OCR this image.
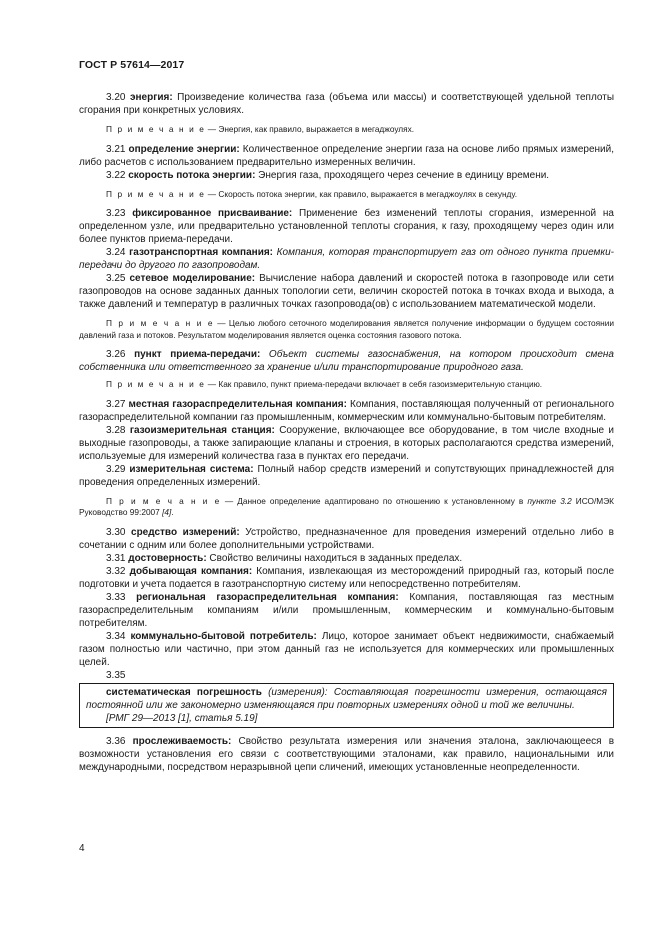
ГОСТ Р 57614—2017

3.20 энергия: Произведение количества газа (объема или массы) и соответствующей удельной теплоты сгорания при конкретных условиях.

П р и м е ч а н и е — Энергия, как правило, выражается в мегаджоулях.

3.21 определение энергии: Количественное определение энергии газа на основе либо прямых измерений, либо расчетов с использованием предварительно измеренных величин.

3.22 скорость потока энергии: Энергия газа, проходящего через сечение в единицу времени.

П р и м е ч а н и е — Скорость потока энергии, как правило, выражается в мегаджоулях в секунду.

3.23 фиксированное присваивание: Применение без изменений теплоты сгорания, измеренной на определенном узле, или предварительно установленной теплоты сгорания, к газу, проходящему через один или более пунктов приема-передачи.

3.24 газотранспортная компания: Компания, которая транспортирует газ от одного пункта приемки-передачи до другого по газопроводам.

3.25 сетевое моделирование: Вычисление набора давлений и скоростей потока в газопроводе или сети газопроводов на основе заданных данных топологии сети, величин скоростей потока в точках входа и выхода, а также давлений и температур в различных точках газопровода(ов) с использованием математической модели.

П р и м е ч а н и е — Целью любого сеточного моделирования является получение информации о будущем состоянии давлений газа и потоков. Результатом моделирования является оценка состояния газового потока.

3.26 пункт приема-передачи: Объект системы газоснабжения, на котором происходит смена собственника или ответственного за хранение и/или транспортирование природного газа.

П р и м е ч а н и е — Как правило, пункт приема-передачи включает в себя газоизмерительную станцию.

3.27 местная газораспределительная компания: Компания, поставляющая полученный от регионального газораспределительной компании газ промышленным, коммерческим или коммунально-бытовым потребителям.

3.28 газоизмерительная станция: Сооружение, включающее все оборудование, в том числе входные и выходные газопроводы, а также запирающие клапаны и строения, в которых располагаются средства измерений, используемые для измерений количества газа в пунктах его передачи.

3.29 измерительная система: Полный набор средств измерений и сопутствующих принадлежностей для проведения определенных измерений.

П р и м е ч а н и е — Данное определение адаптировано по отношению к установленному в пункте 3.2 ИСО/МЭК Руководство 99:2007 [4].

3.30 средство измерений: Устройство, предназначенное для проведения измерений отдельно либо в сочетании с одним или более дополнительными устройствами.

3.31 достоверность: Свойство величины находиться в заданных пределах.

3.32 добывающая компания: Компания, извлекающая из месторождений природный газ, который после подготовки и учета подается в газотранспортную систему или непосредственно потребителям.

3.33 региональная газораспределительная компания: Компания, поставляющая газ местным газораспределительным компаниям и/или промышленным, коммерческим и коммунально-бытовым потребителям.

3.34 коммунально-бытовой потребитель: Лицо, которое занимает объект недвижимости, снабжаемый газом полностью или частично, при этом данный газ не используется для коммерческих или промышленных целей.

3.35

систематическая погрешность (измерения): Составляющая погрешности измерения, остающаяся постоянной или же закономерно изменяющаяся при повторных измерениях одной и той же величины.

[РМГ 29—2013 [1], статья 5.19]

3.36 прослеживаемость: Свойство результата измерения или значения эталона, заключающееся в возможности установления его связи с соответствующими эталонами, как правило, национальными или международными, посредством неразрывной цепи сличений, имеющих установленные неопределенности.

4
